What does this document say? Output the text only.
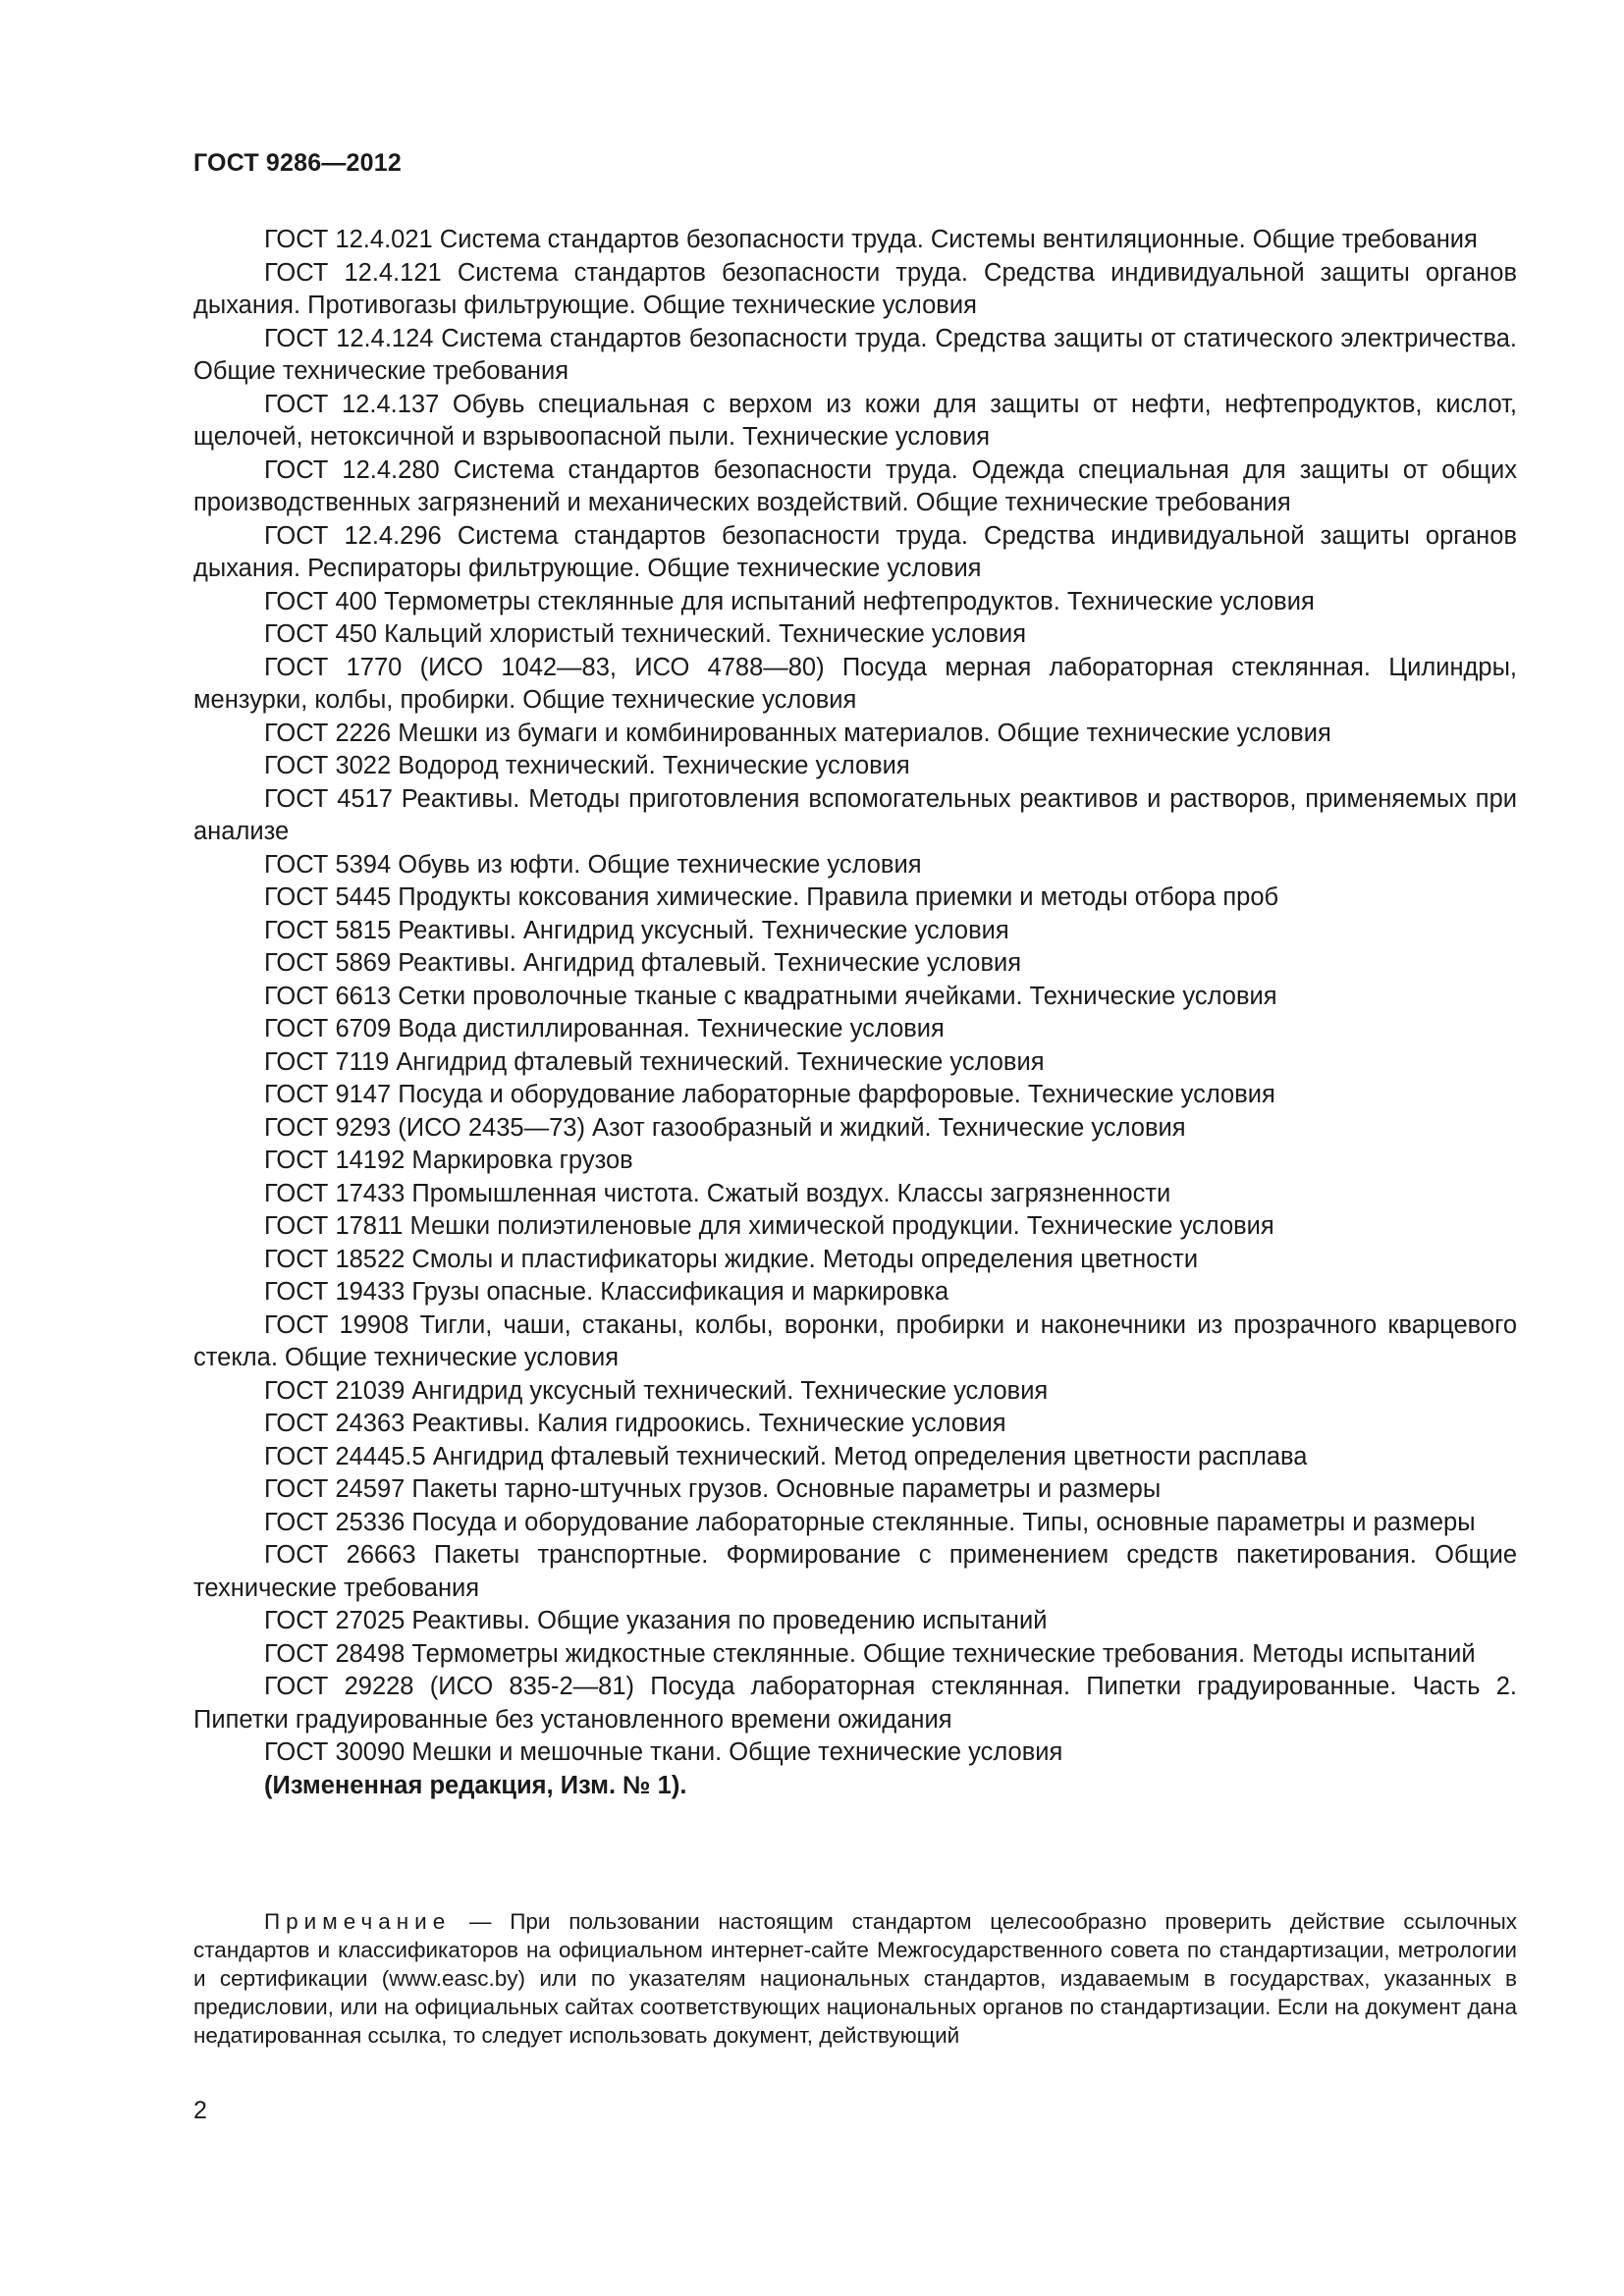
ГОСТ 9286—2012

ГОСТ 12.4.021 Система стандартов безопасности труда. Системы вентиляционные. Общие требования

ГОСТ 12.4.121 Система стандартов безопасности труда. Средства индивидуальной защиты органов дыхания. Противогазы фильтрующие. Общие технические условия

ГОСТ 12.4.124 Система стандартов безопасности труда. Средства защиты от статического электричества. Общие технические требования

ГОСТ 12.4.137 Обувь специальная с верхом из кожи для защиты от нефти, нефтепродуктов, кислот, щелочей, нетоксичной и взрывоопасной пыли. Технические условия

ГОСТ 12.4.280 Система стандартов безопасности труда. Одежда специальная для защиты от общих производственных загрязнений и механических воздействий. Общие технические требования

ГОСТ 12.4.296 Система стандартов безопасности труда. Средства индивидуальной защиты органов дыхания. Респираторы фильтрующие. Общие технические условия

ГОСТ 400 Термометры стеклянные для испытаний нефтепродуктов. Технические условия

ГОСТ 450 Кальций хлористый технический. Технические условия

ГОСТ 1770 (ИСО 1042—83, ИСО 4788—80) Посуда мерная лабораторная стеклянная. Цилиндры, мензурки, колбы, пробирки. Общие технические условия

ГОСТ 2226 Мешки из бумаги и комбинированных материалов. Общие технические условия

ГОСТ 3022 Водород технический. Технические условия

ГОСТ 4517 Реактивы. Методы приготовления вспомогательных реактивов и растворов, применяемых при анализе

ГОСТ 5394 Обувь из юфти. Общие технические условия

ГОСТ 5445 Продукты коксования химические. Правила приемки и методы отбора проб

ГОСТ 5815 Реактивы. Ангидрид уксусный. Технические условия

ГОСТ 5869 Реактивы. Ангидрид фталевый. Технические условия

ГОСТ 6613 Сетки проволочные тканые с квадратными ячейками. Технические условия

ГОСТ 6709 Вода дистиллированная. Технические условия

ГОСТ 7119 Ангидрид фталевый технический. Технические условия

ГОСТ 9147 Посуда и оборудование лабораторные фарфоровые. Технические условия

ГОСТ 9293 (ИСО 2435—73) Азот газообразный и жидкий. Технические условия

ГОСТ 14192 Маркировка грузов

ГОСТ 17433 Промышленная чистота. Сжатый воздух. Классы загрязненности

ГОСТ 17811 Мешки полиэтиленовые для химической продукции. Технические условия

ГОСТ 18522 Смолы и пластификаторы жидкие. Методы определения цветности

ГОСТ 19433 Грузы опасные. Классификация и маркировка

ГОСТ 19908 Тигли, чаши, стаканы, колбы, воронки, пробирки и наконечники из прозрачного кварцевого стекла. Общие технические условия

ГОСТ 21039 Ангидрид уксусный технический. Технические условия

ГОСТ 24363 Реактивы. Калия гидроокись. Технические условия

ГОСТ 24445.5 Ангидрид фталевый технический. Метод определения цветности расплава

ГОСТ 24597 Пакеты тарно-штучных грузов. Основные параметры и размеры

ГОСТ 25336 Посуда и оборудование лабораторные стеклянные. Типы, основные параметры и размеры

ГОСТ 26663 Пакеты транспортные. Формирование с применением средств пакетирования. Общие технические требования

ГОСТ 27025 Реактивы. Общие указания по проведению испытаний

ГОСТ 28498 Термометры жидкостные стеклянные. Общие технические требования. Методы испытаний

ГОСТ 29228 (ИСО 835-2—81) Посуда лабораторная стеклянная. Пипетки градуированные. Часть 2. Пипетки градуированные без установленного времени ожидания

ГОСТ 30090 Мешки и мешочные ткани. Общие технические условия

(Измененная редакция, Изм. № 1).

Примечание — При пользовании настоящим стандартом целесообразно проверить действие ссылочных стандартов и классификаторов на официальном интернет-сайте Межгосударственного совета по стандартизации, метрологии и сертификации (www.easc.by) или по указателям национальных стандартов, издаваемым в государствах, указанных в предисловии, или на официальных сайтах соответствующих национальных органов по стандартизации. Если на документ дана недатированная ссылка, то следует использовать документ, действующий
2
